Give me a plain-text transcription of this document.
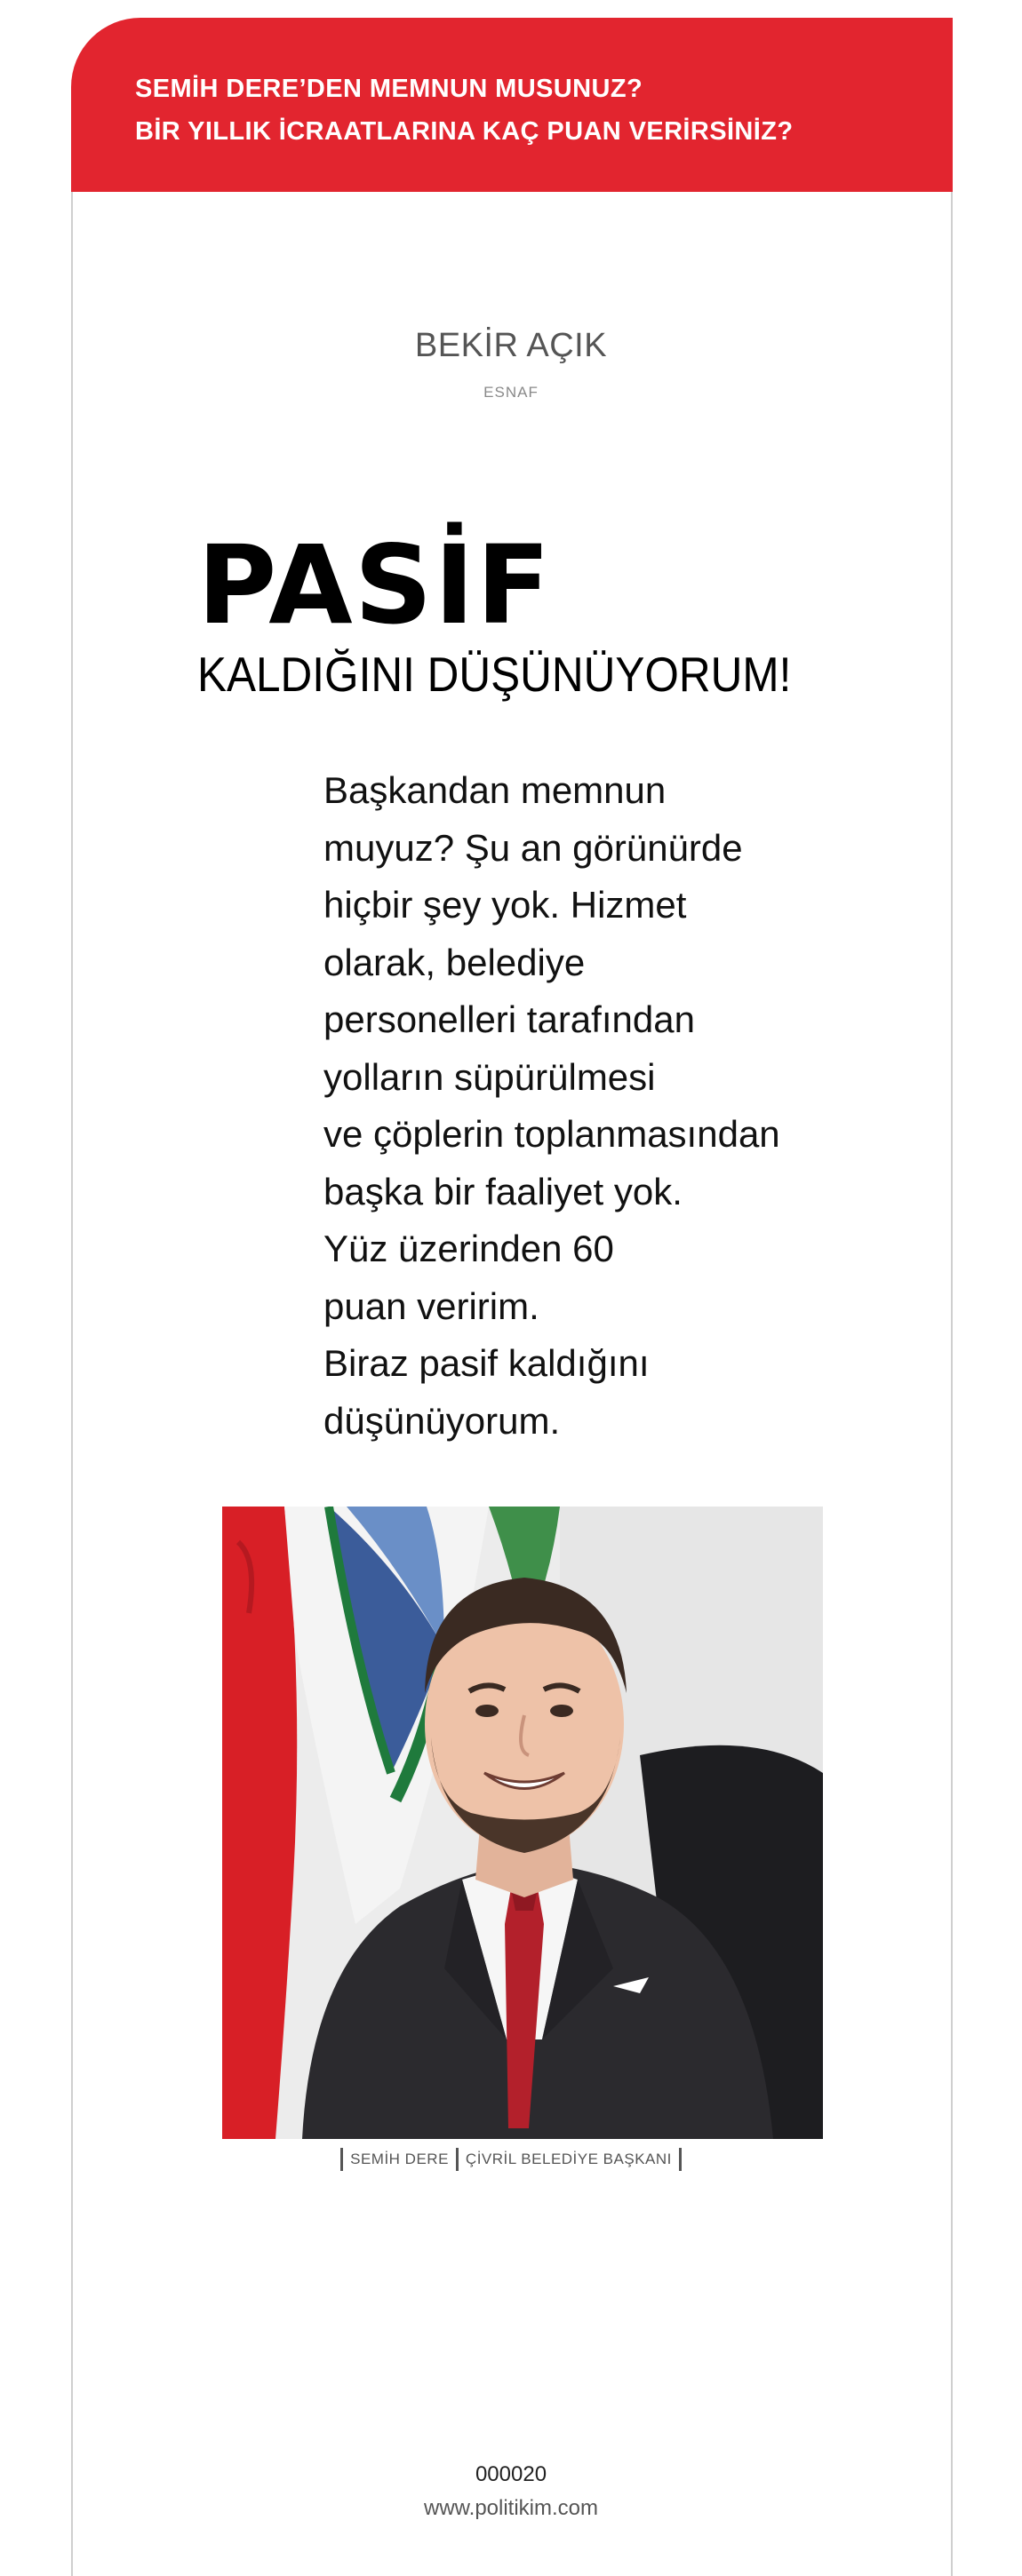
SEMİH DERE’DEN MEMNUN MUSUNUZ?
BİR YILLIK İCRAATLARINA KAÇ PUAN VERİRSİNİZ?
BEKİR AÇIK
ESNAF
PASİF
KALDIĞINI DÜŞÜNÜYORUM!
Başkandan memnun
muyuz? Şu an görünürde
hiçbir şey yok. Hizmet
olarak, belediye
personelleri tarafından
yolların süpürülmesi
ve çöplerin toplanmasından
başka bir faaliyet yok.
Yüz üzerinden 60
puan veririm.
Biraz pasif kaldığını
düşünüyorum.
SEMİH DERE ÇİVRİL BELEDİYE BAŞKANI
000020
www.politikim.com
